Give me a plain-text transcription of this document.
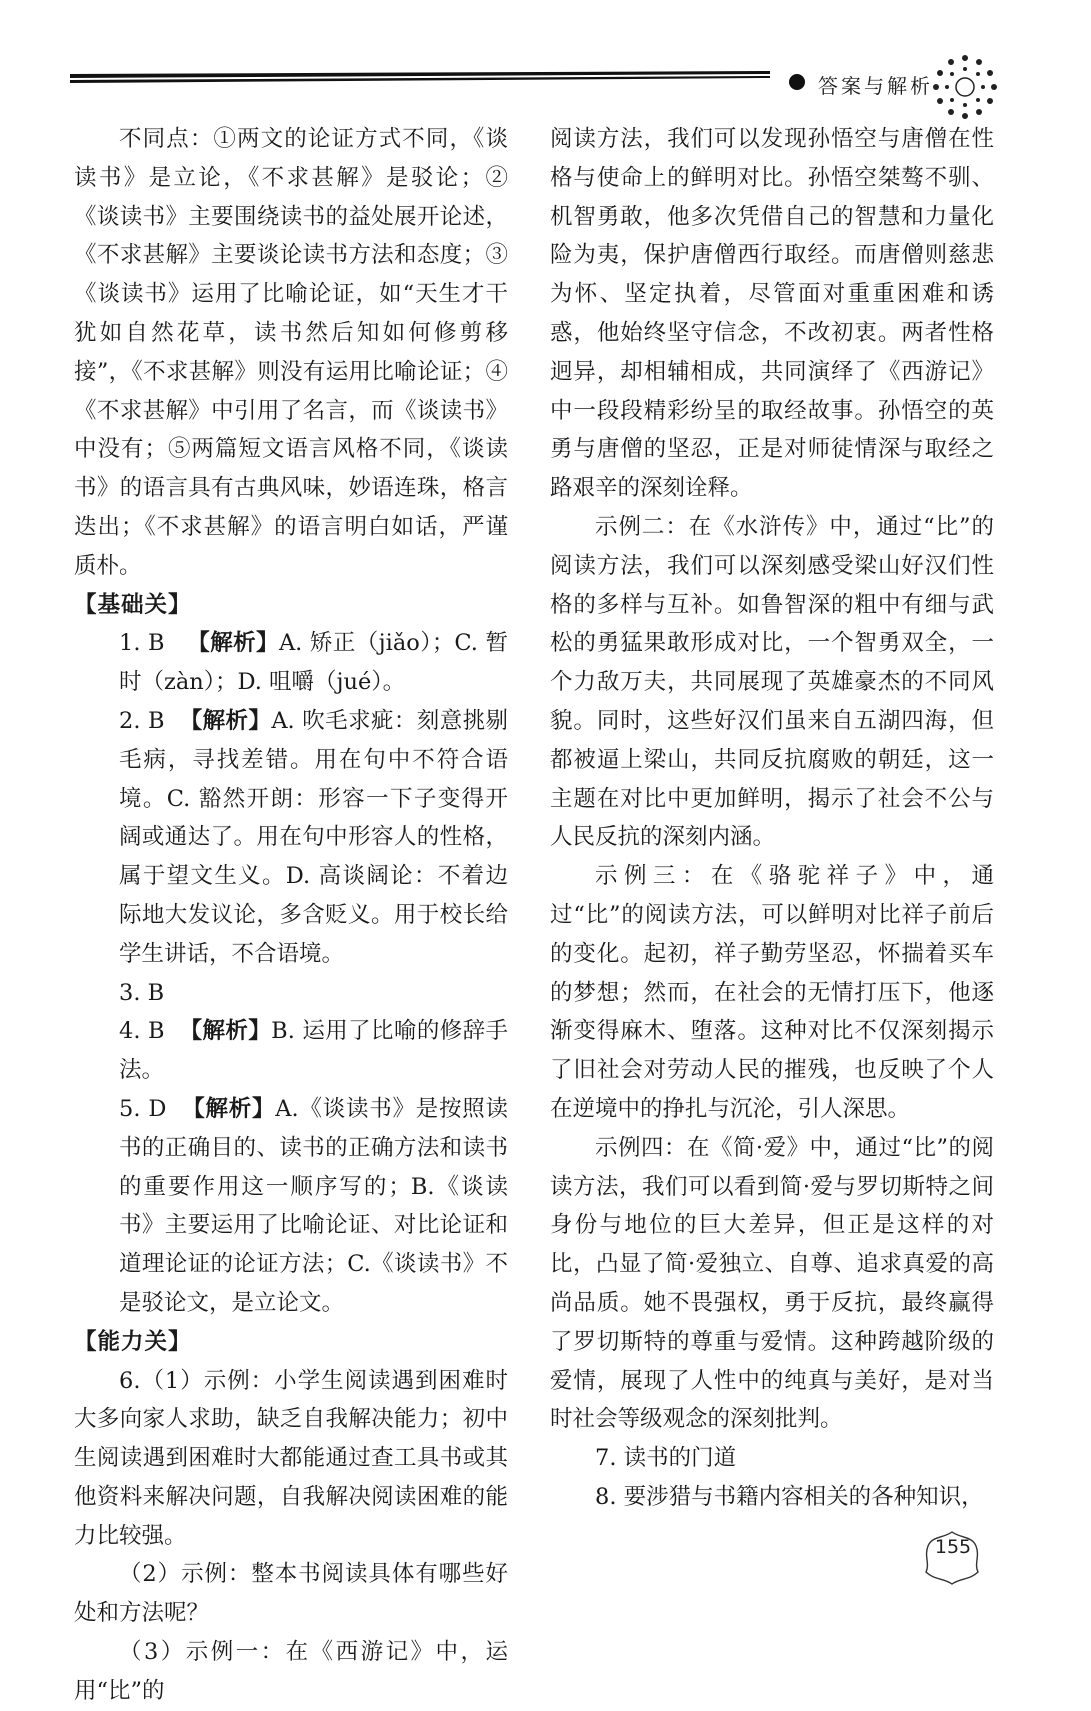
答案与解析

不同点：①两文的论证方式不同，《谈读书》是立论，《不求甚解》是驳论；②《谈读书》主要围绕读书的益处展开论述，《不求甚解》主要谈论读书方法和态度；③《谈读书》运用了比喻论证，如“天生才干犹如自然花草，读书然后知如何修剪移接”，《不求甚解》则没有运用比喻论证；④《不求甚解》中引用了名言，而《谈读书》中没有；⑤两篇短文语言风格不同，《谈读书》的语言具有古典风味，妙语连珠，格言迭出；《不求甚解》的语言明白如话，严谨质朴。

【基础关】

1. B 【解析】A. 矫正（jiǎo）；C. 暂时（zàn）；D. 咀嚼（jué）。

2. B 【解析】A. 吹毛求疵：刻意挑剔毛病，寻找差错。用在句中不符合语境。C. 豁然开朗：形容一下子变得开阔或通达了。用在句中形容人的性格，属于望文生义。D. 高谈阔论：不着边际地大发议论，多含贬义。用于校长给学生讲话，不合语境。

3. B

4. B 【解析】B. 运用了比喻的修辞手法。

5. D 【解析】A.《谈读书》是按照读书的正确目的、读书的正确方法和读书的重要作用这一顺序写的；B.《谈读书》主要运用了比喻论证、对比论证和道理论证的论证方法；C.《谈读书》不是驳论文，是立论文。

【能力关】

6.（1）示例：小学生阅读遇到困难时大多向家人求助，缺乏自我解决能力；初中生阅读遇到困难时大都能通过查工具书或其他资料来解决问题，自我解决阅读困难的能力比较强。

（2）示例：整本书阅读具体有哪些好处和方法呢？

（3）示例一：在《西游记》中，运用“比”的

阅读方法，我们可以发现孙悟空与唐僧在性格与使命上的鲜明对比。孙悟空桀骜不驯、机智勇敢，他多次凭借自己的智慧和力量化险为夷，保护唐僧西行取经。而唐僧则慈悲为怀、坚定执着，尽管面对重重困难和诱惑，他始终坚守信念，不改初衷。两者性格迥异，却相辅相成，共同演绎了《西游记》中一段段精彩纷呈的取经故事。孙悟空的英勇与唐僧的坚忍，正是对师徒情深与取经之路艰辛的深刻诠释。

示例二：在《水浒传》中，通过“比”的阅读方法，我们可以深刻感受梁山好汉们性格的多样与互补。如鲁智深的粗中有细与武松的勇猛果敢形成对比，一个智勇双全，一个力敌万夫，共同展现了英雄豪杰的不同风貌。同时，这些好汉们虽来自五湖四海，但都被逼上梁山，共同反抗腐败的朝廷，这一主题在对比中更加鲜明，揭示了社会不公与人民反抗的深刻内涵。

示例三：在《骆驼祥子》中，通过“比”的阅读方法，可以鲜明对比祥子前后的变化。起初，祥子勤劳坚忍，怀揣着买车的梦想；然而，在社会的无情打压下，他逐渐变得麻木、堕落。这种对比不仅深刻揭示了旧社会对劳动人民的摧残，也反映了个人在逆境中的挣扎与沉沦，引人深思。

示例四：在《简·爱》中，通过“比”的阅读方法，我们可以看到简·爱与罗切斯特之间身份与地位的巨大差异，但正是这样的对比，凸显了简·爱独立、自尊、追求真爱的高尚品质。她不畏强权，勇于反抗，最终赢得了罗切斯特的尊重与爱情。这种跨越阶级的爱情，展现了人性中的纯真与美好，是对当时社会等级观念的深刻批判。

7. 读书的门道

8. 要涉猎与书籍内容相关的各种知识，

155
